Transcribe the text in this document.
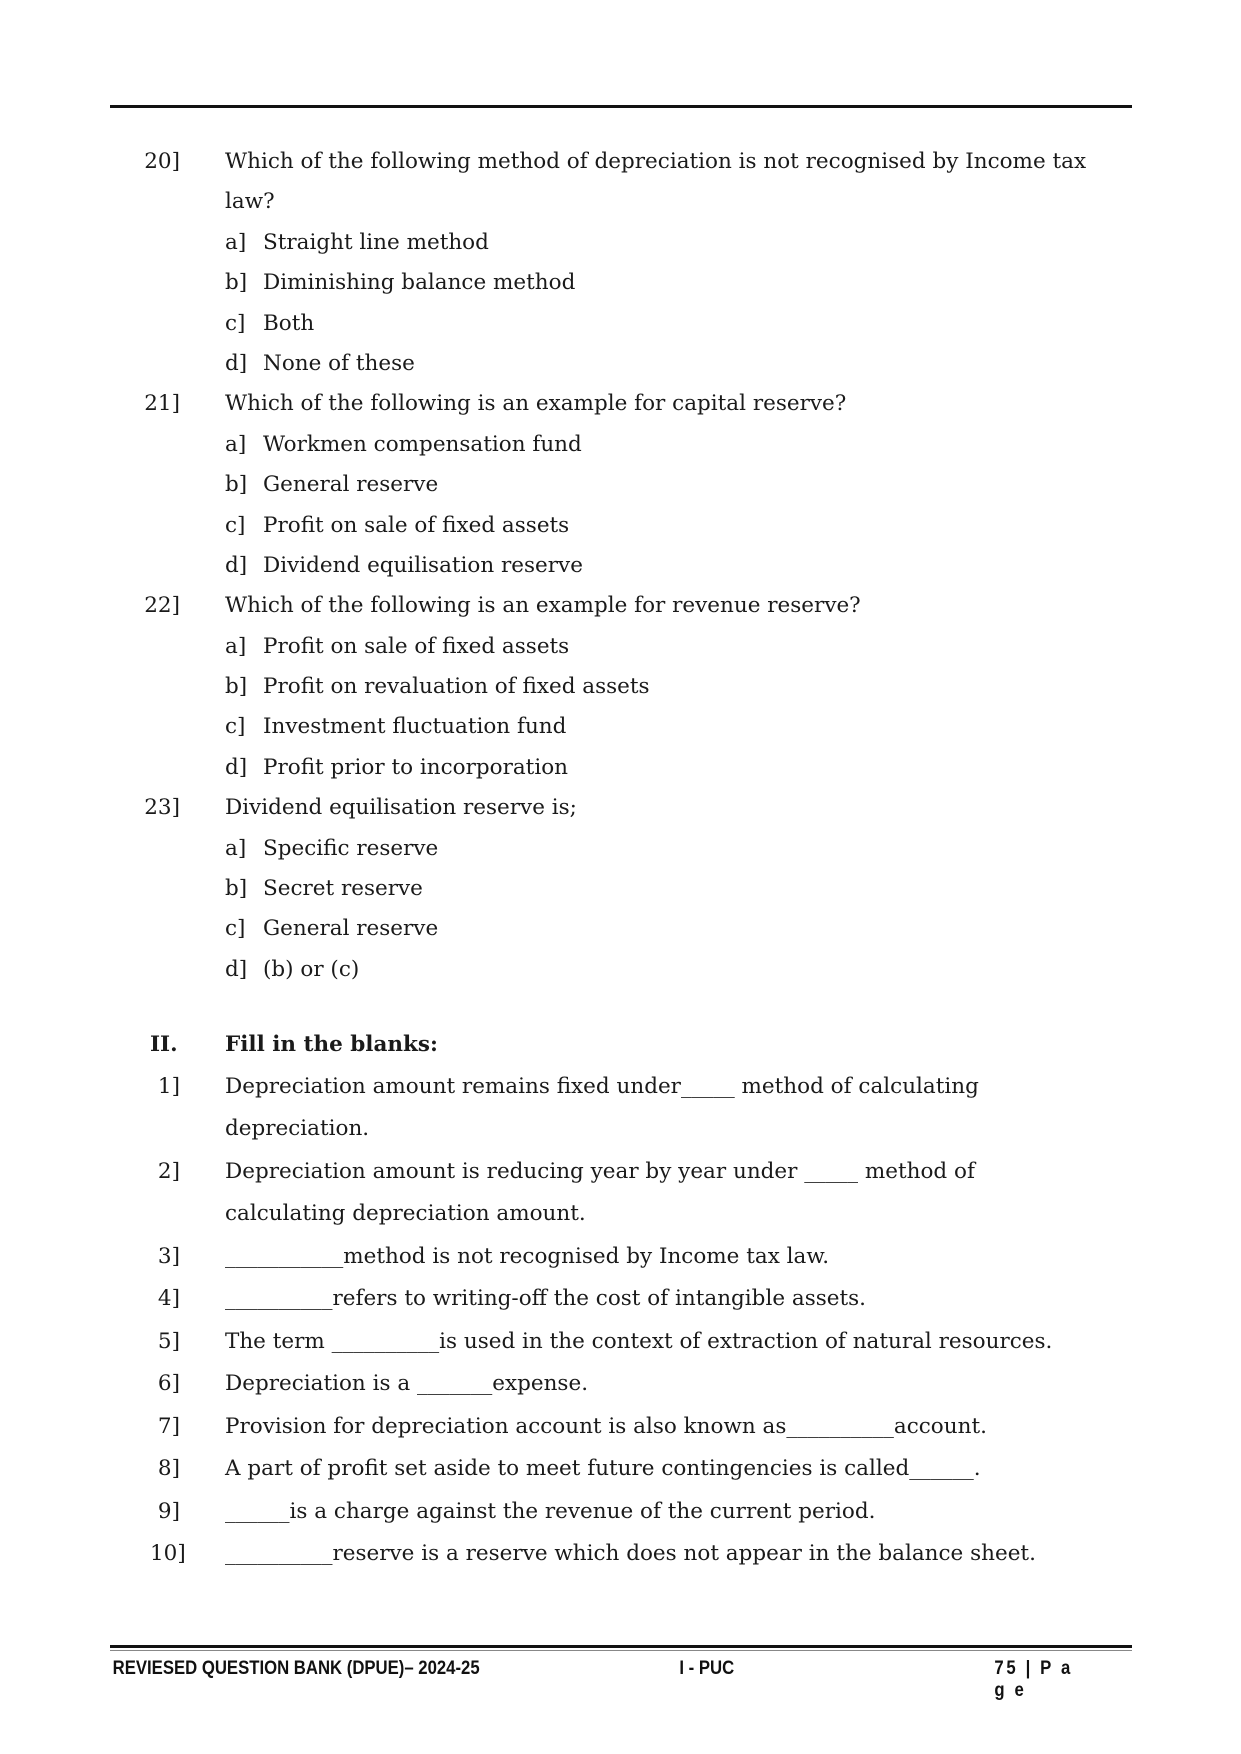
20] Which of the following method of depreciation is not recognised by Income tax
law?
a] Straight line method
b] Diminishing balance method
c] Both
d] None of these
21] Which of the following is an example for capital reserve?
a] Workmen compensation fund
b] General reserve
c] Profit on sale of fixed assets
d] Dividend equilisation reserve
22] Which of the following is an example for revenue reserve?
a] Profit on sale of fixed assets
b] Profit on revaluation of fixed assets
c] Investment fluctuation fund
d] Profit prior to incorporation
23] Dividend equilisation reserve is;
a] Specific reserve
b] Secret reserve
c] General reserve
d] (b) or (c)
II. Fill in the blanks:
1] Depreciation amount remains fixed under_____ method of calculating
depreciation.
2] Depreciation amount is reducing year by year under _____ method of
calculating depreciation amount.
3] ___________method is not recognised by Income tax law.
4] __________refers to writing-off the cost of intangible assets.
5] The term __________is used in the context of extraction of natural resources.
6] Depreciation is a _______expense.
7] Provision for depreciation account is also known as__________account.
8] A part of profit set aside to meet future contingencies is called______.
9] ______is a charge against the revenue of the current period.
10] __________reserve is a reserve which does not appear in the balance sheet.
REVIESED QUESTION BANK (DPUE)– 2024-25	I - PUC	75 | P a g e
